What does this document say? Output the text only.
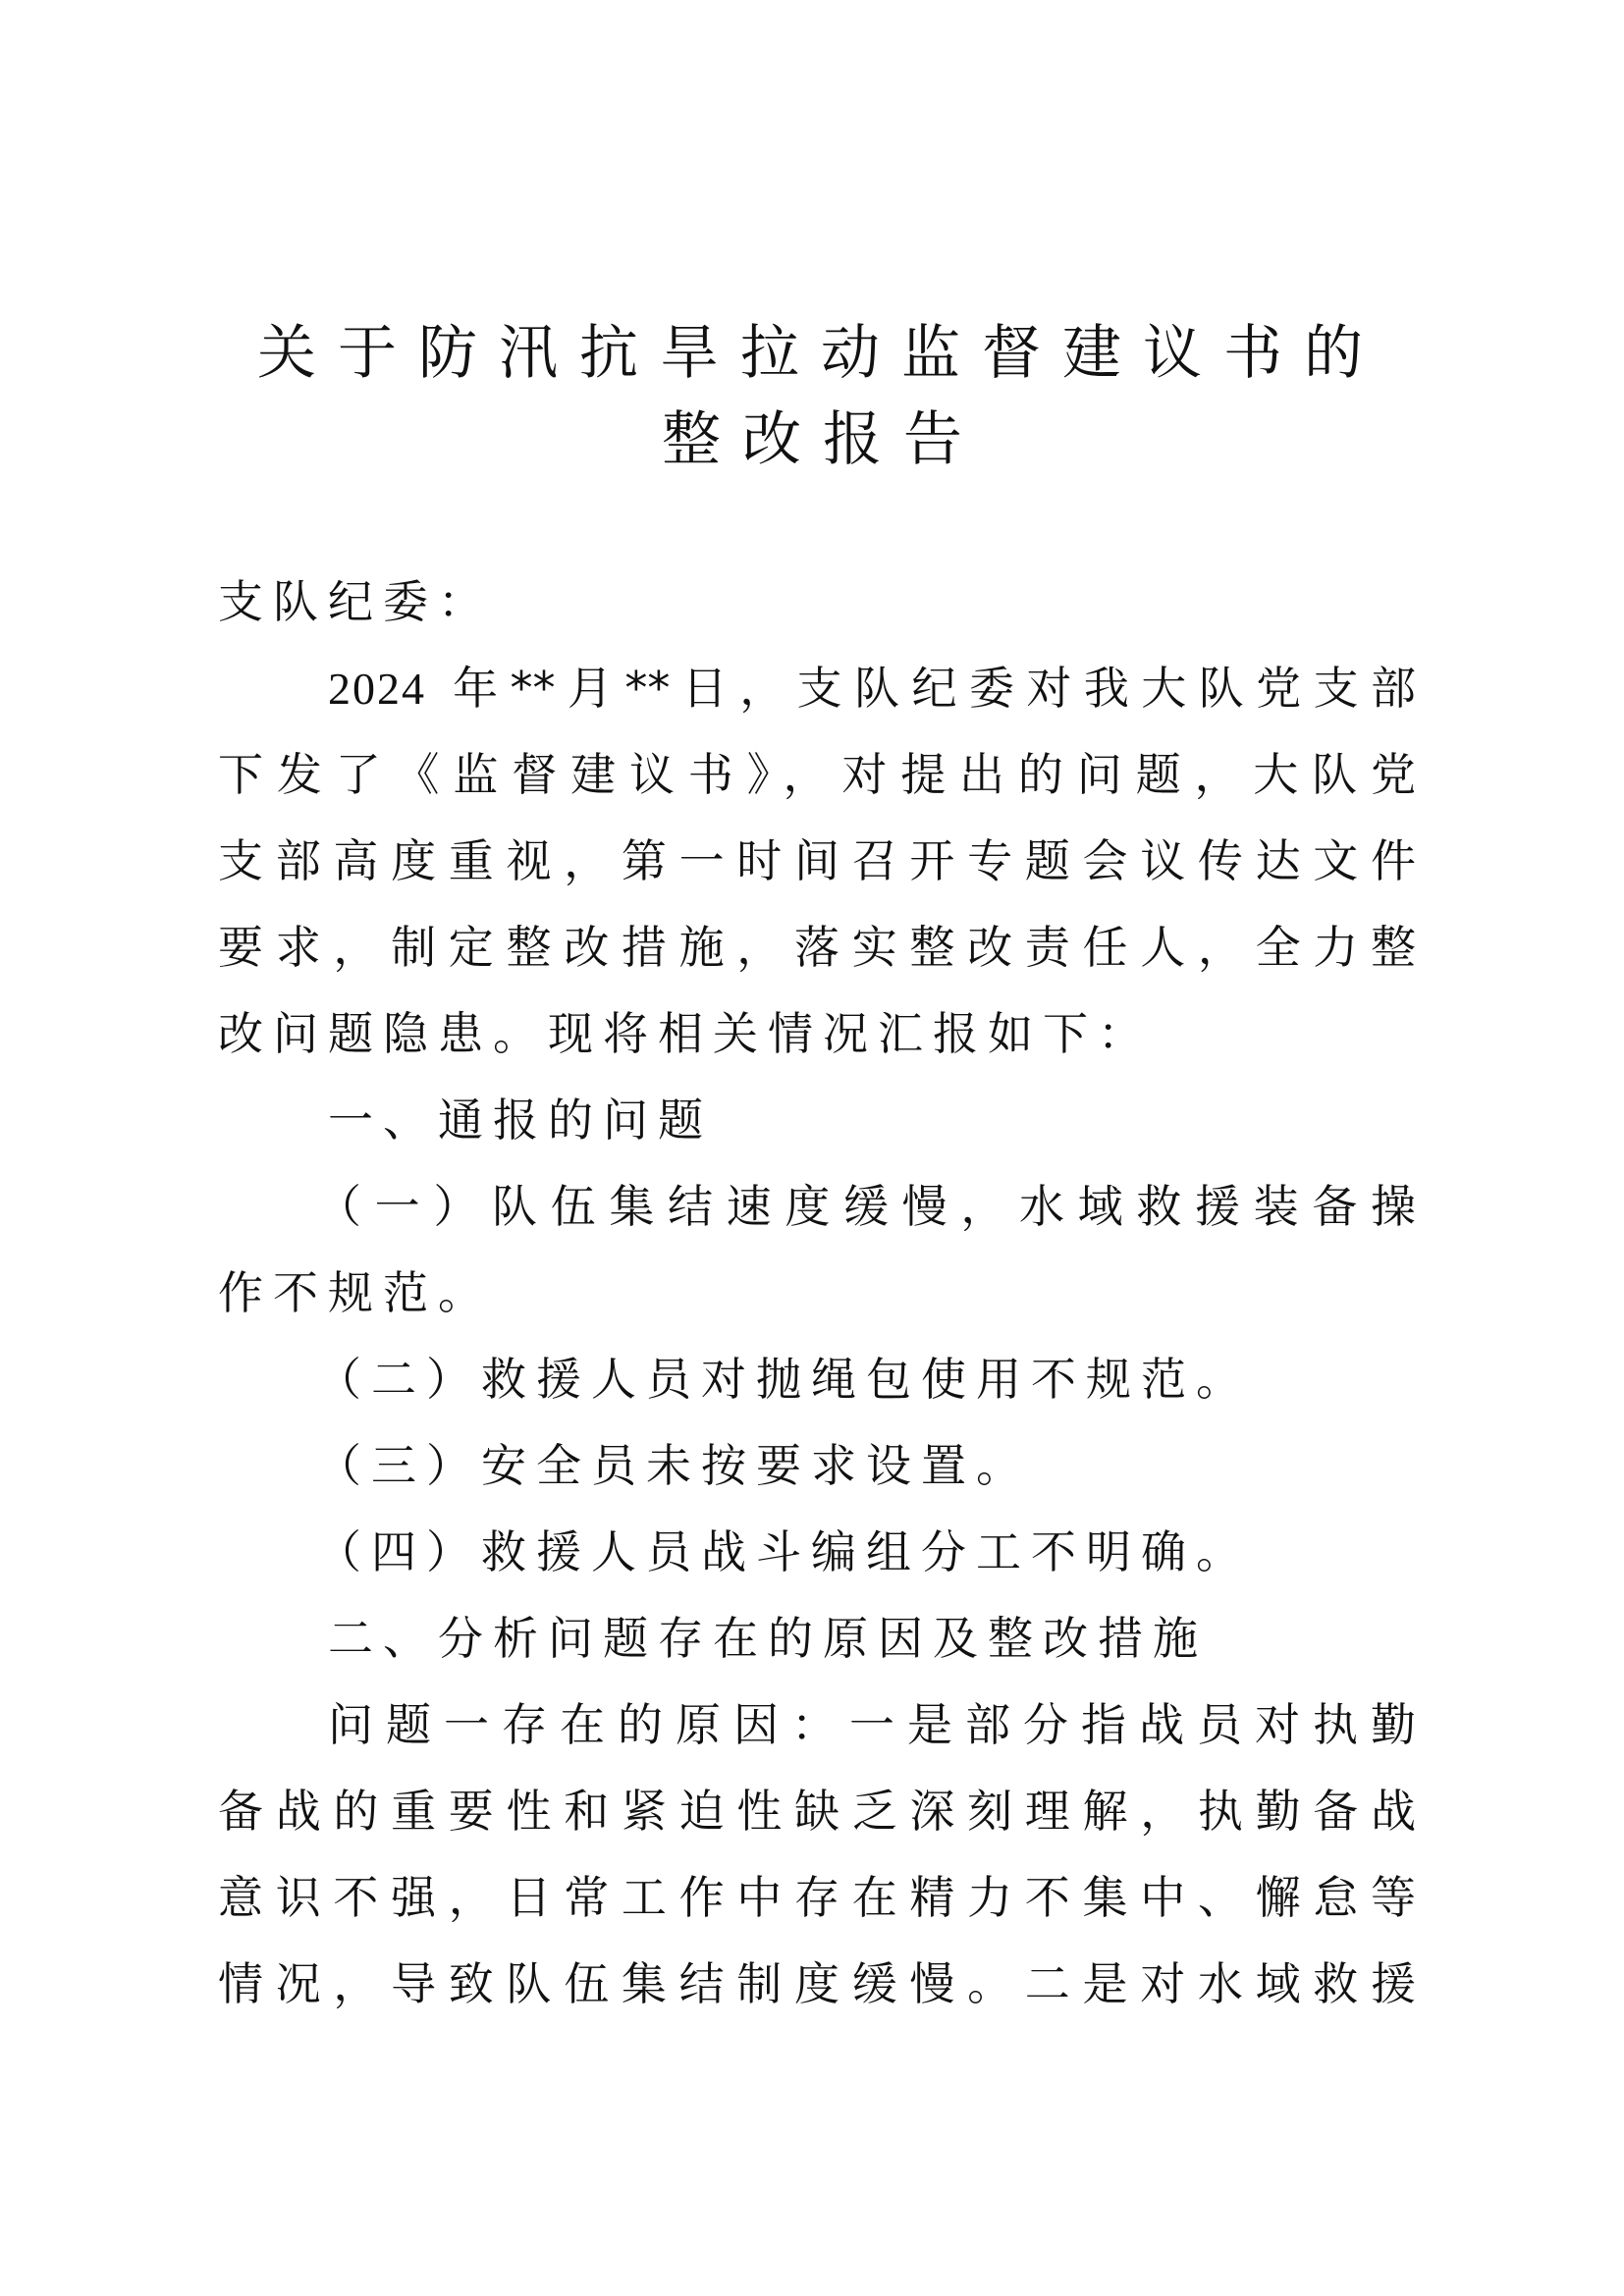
关于防汛抗旱拉动监督建议书的
整改报告
支队纪委：
2024 年**月**日，支队纪委对我大队党支部
下发了《监督建议书》，对提出的问题，大队党
支部高度重视，第一时间召开专题会议传达文件
要求，制定整改措施，落实整改责任人，全力整
改问题隐患。现将相关情况汇报如下：
一、通报的问题
（一）队伍集结速度缓慢，水域救援装备操
作不规范。
（二）救援人员对抛绳包使用不规范。
（三）安全员未按要求设置。
（四）救援人员战斗编组分工不明确。
二、分析问题存在的原因及整改措施
问题一存在的原因：一是部分指战员对执勤
备战的重要性和紧迫性缺乏深刻理解，执勤备战
意识不强，日常工作中存在精力不集中、懈怠等
情况，导致队伍集结制度缓慢。二是对水域救援
